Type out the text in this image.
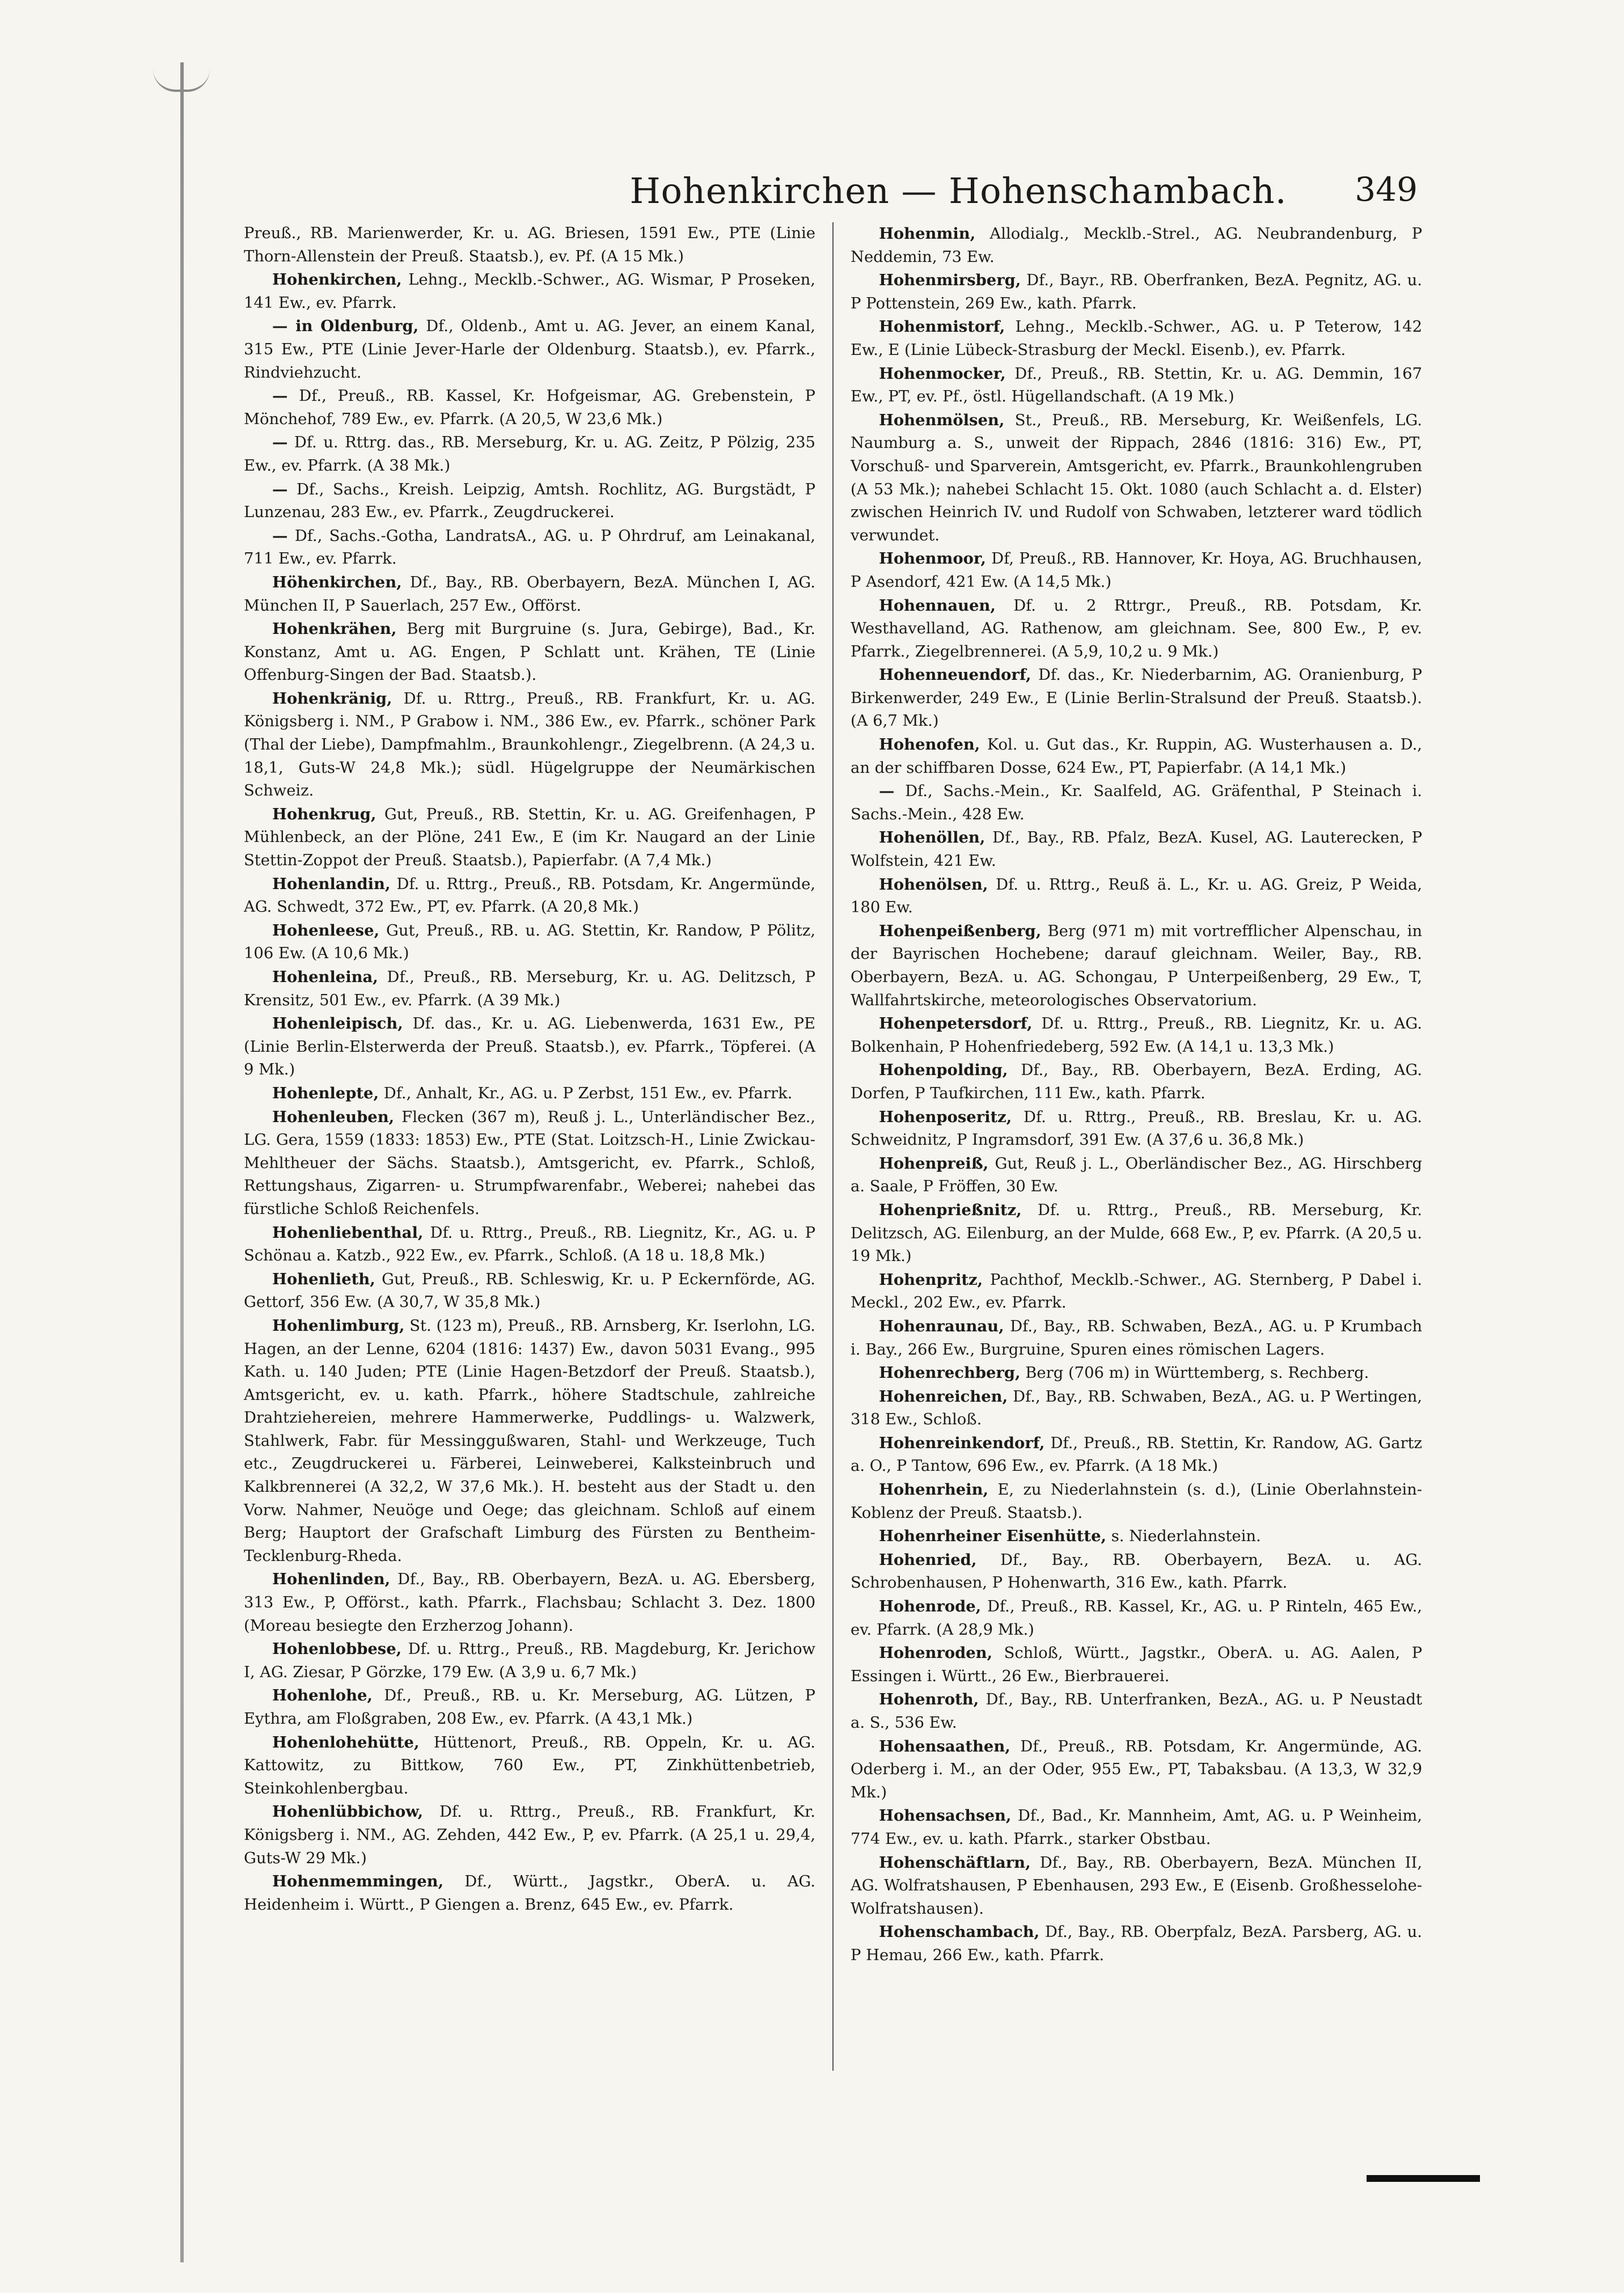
Hohenkirchen — Hohenschambach. 349

Preuß., RB. Marienwerder, Kr. u. AG. Briesen, 1591 Ew., PTE (Linie Thorn-Allenstein der Preuß. Staatsb.), ev. Pf. (A 15 Mk.)

Hohenkirchen, Lehng., Mecklb.-Schwer., AG. Wismar, P Proseken, 141 Ew., ev. Pfarrk.

— in Oldenburg, Df., Oldenb., Amt u. AG. Jever, an einem Kanal, 315 Ew., PTE (Linie Jever-Harle der Oldenburg. Staatsb.), ev. Pfarrk., Rindviehzucht.

— Df., Preuß., RB. Kassel, Kr. Hofgeismar, AG. Grebenstein, P Mönchehof, 789 Ew., ev. Pfarrk. (A 20,5, W 23,6 Mk.)

— Df. u. Rttrg. das., RB. Merseburg, Kr. u. AG. Zeitz, P Pölzig, 235 Ew., ev. Pfarrk. (A 38 Mk.)

— Df., Sachs., Kreish. Leipzig, Amtsh. Rochlitz, AG. Burgstädt, P Lunzenau, 283 Ew., ev. Pfarrk., Zeugdruckerei.

— Df., Sachs.-Gotha, LandratsA., AG. u. P Ohrdruf, am Leinakanal, 711 Ew., ev. Pfarrk.

Höhenkirchen, Df., Bay., RB. Oberbayern, BezA. München I, AG. München II, P Sauerlach, 257 Ew., Offörst.

Hohenkrähen, Berg mit Burgruine (s. Jura, Gebirge), Bad., Kr. Konstanz, Amt u. AG. Engen, P Schlatt unt. Krähen, TE (Linie Offenburg-Singen der Bad. Staatsb.).

Hohenkränig, Df. u. Rttrg., Preuß., RB. Frankfurt, Kr. u. AG. Königsberg i. NM., P Grabow i. NM., 386 Ew., ev. Pfarrk., schöner Park (Thal der Liebe), Dampfmahlm., Braunkohlengr., Ziegelbrenn. (A 24,3 u. 18,1, Guts-W 24,8 Mk.); südl. Hügelgruppe der Neumärkischen Schweiz.

Hohenkrug, Gut, Preuß., RB. Stettin, Kr. u. AG. Greifenhagen, P Mühlenbeck, an der Plöne, 241 Ew., E (im Kr. Naugard an der Linie Stettin-Zoppot der Preuß. Staatsb.), Papierfabr. (A 7,4 Mk.)

Hohenlandin, Df. u. Rttrg., Preuß., RB. Potsdam, Kr. Angermünde, AG. Schwedt, 372 Ew., PT, ev. Pfarrk. (A 20,8 Mk.)

Hohenleese, Gut, Preuß., RB. u. AG. Stettin, Kr. Randow, P Pölitz, 106 Ew. (A 10,6 Mk.)

Hohenleina, Df., Preuß., RB. Merseburg, Kr. u. AG. Delitzsch, P Krensitz, 501 Ew., ev. Pfarrk. (A 39 Mk.)

Hohenleipisch, Df. das., Kr. u. AG. Liebenwerda, 1631 Ew., PE (Linie Berlin-Elsterwerda der Preuß. Staatsb.), ev. Pfarrk., Töpferei. (A 9 Mk.)

Hohenlepte, Df., Anhalt, Kr., AG. u. P Zerbst, 151 Ew., ev. Pfarrk.

Hohenleuben, Flecken (367 m), Reuß j. L., Unterländischer Bez., LG. Gera, 1559 (1833: 1853) Ew., PTE (Stat. Loitzsch-H., Linie Zwickau-Mehltheuer der Sächs. Staatsb.), Amtsgericht, ev. Pfarrk., Schloß, Rettungshaus, Zigarren- u. Strumpfwarenfabr., Weberei; nahebei das fürstliche Schloß Reichenfels.

Hohenliebenthal, Df. u. Rttrg., Preuß., RB. Liegnitz, Kr., AG. u. P Schönau a. Katzb., 922 Ew., ev. Pfarrk., Schloß. (A 18 u. 18,8 Mk.)

Hohenlieth, Gut, Preuß., RB. Schleswig, Kr. u. P Eckernförde, AG. Gettorf, 356 Ew. (A 30,7, W 35,8 Mk.)

Hohenlimburg, St. (123 m), Preuß., RB. Arnsberg, Kr. Iserlohn, LG. Hagen, an der Lenne, 6204 (1816: 1437) Ew., davon 5031 Evang., 995 Kath. u. 140 Juden; PTE (Linie Hagen-Betzdorf der Preuß. Staatsb.), Amtsgericht, ev. u. kath. Pfarrk., höhere Stadtschule, zahlreiche Drahtziehereien, mehrere Hammerwerke, Puddlings- u. Walzwerk, Stahlwerk, Fabr. für Messinggußwaren, Stahl- und Werkzeuge, Tuch etc., Zeugdruckerei u. Färberei, Leinweberei, Kalksteinbruch und Kalkbrennerei (A 32,2, W 37,6 Mk.). H. besteht aus der Stadt u. den Vorw. Nahmer, Neuöge und Oege; das gleichnam. Schloß auf einem Berg; Hauptort der Grafschaft Limburg des Fürsten zu Bentheim-Tecklenburg-Rheda.

Hohenlinden, Df., Bay., RB. Oberbayern, BezA. u. AG. Ebersberg, 313 Ew., P, Offörst., kath. Pfarrk., Flachsbau; Schlacht 3. Dez. 1800 (Moreau besiegte den Erzherzog Johann).

Hohenlobbese, Df. u. Rttrg., Preuß., RB. Magdeburg, Kr. Jerichow I, AG. Ziesar, P Görzke, 179 Ew. (A 3,9 u. 6,7 Mk.)

Hohenlohe, Df., Preuß., RB. u. Kr. Merseburg, AG. Lützen, P Eythra, am Floßgraben, 208 Ew., ev. Pfarrk. (A 43,1 Mk.)

Hohenlohehütte, Hüttenort, Preuß., RB. Oppeln, Kr. u. AG. Kattowitz, zu Bittkow, 760 Ew., PT, Zinkhüttenbetrieb, Steinkohlenbergbau.

Hohenlübbichow, Df. u. Rttrg., Preuß., RB. Frankfurt, Kr. Königsberg i. NM., AG. Zehden, 442 Ew., P, ev. Pfarrk. (A 25,1 u. 29,4, Guts-W 29 Mk.)

Hohenmemmingen, Df., Württ., Jagstkr., OberA. u. AG. Heidenheim i. Württ., P Giengen a. Brenz, 645 Ew., ev. Pfarrk.

Hohenmin, Allodialg., Mecklb.-Strel., AG. Neubrandenburg, P Neddemin, 73 Ew.

Hohenmirsberg, Df., Bayr., RB. Oberfranken, BezA. Pegnitz, AG. u. P Pottenstein, 269 Ew., kath. Pfarrk.

Hohenmistorf, Lehng., Mecklb.-Schwer., AG. u. P Teterow, 142 Ew., E (Linie Lübeck-Strasburg der Meckl. Eisenb.), ev. Pfarrk.

Hohenmocker, Df., Preuß., RB. Stettin, Kr. u. AG. Demmin, 167 Ew., PT, ev. Pf., östl. Hügellandschaft. (A 19 Mk.)

Hohenmölsen, St., Preuß., RB. Merseburg, Kr. Weißenfels, LG. Naumburg a. S., unweit der Rippach, 2846 (1816: 316) Ew., PT, Vorschuß- und Sparverein, Amtsgericht, ev. Pfarrk., Braunkohlengruben (A 53 Mk.); nahebei Schlacht 15. Okt. 1080 (auch Schlacht a. d. Elster) zwischen Heinrich IV. und Rudolf von Schwaben, letzterer ward tödlich verwundet.

Hohenmoor, Df, Preuß., RB. Hannover, Kr. Hoya, AG. Bruchhausen, P Asendorf, 421 Ew. (A 14,5 Mk.)

Hohennauen, Df. u. 2 Rttrgr., Preuß., RB. Potsdam, Kr. Westhavelland, AG. Rathenow, am gleichnam. See, 800 Ew., P, ev. Pfarrk., Ziegelbrennerei. (A 5,9, 10,2 u. 9 Mk.)

Hohenneuendorf, Df. das., Kr. Niederbarnim, AG. Oranienburg, P Birkenwerder, 249 Ew., E (Linie Berlin-Stralsund der Preuß. Staatsb.). (A 6,7 Mk.)

Hohenofen, Kol. u. Gut das., Kr. Ruppin, AG. Wusterhausen a. D., an der schiffbaren Dosse, 624 Ew., PT, Papierfabr. (A 14,1 Mk.)

— Df., Sachs.-Mein., Kr. Saalfeld, AG. Gräfenthal, P Steinach i. Sachs.-Mein., 428 Ew.

Hohenöllen, Df., Bay., RB. Pfalz, BezA. Kusel, AG. Lauterecken, P Wolfstein, 421 Ew.

Hohenölsen, Df. u. Rttrg., Reuß ä. L., Kr. u. AG. Greiz, P Weida, 180 Ew.

Hohenpeißenberg, Berg (971 m) mit vortrefflicher Alpenschau, in der Bayrischen Hochebene; darauf gleichnam. Weiler, Bay., RB. Oberbayern, BezA. u. AG. Schongau, P Unterpeißenberg, 29 Ew., T, Wallfahrtskirche, meteorologisches Observatorium.

Hohenpetersdorf, Df. u. Rttrg., Preuß., RB. Liegnitz, Kr. u. AG. Bolkenhain, P Hohenfriedeberg, 592 Ew. (A 14,1 u. 13,3 Mk.)

Hohenpolding, Df., Bay., RB. Oberbayern, BezA. Erding, AG. Dorfen, P Taufkirchen, 111 Ew., kath. Pfarrk.

Hohenposeritz, Df. u. Rttrg., Preuß., RB. Breslau, Kr. u. AG. Schweidnitz, P Ingramsdorf, 391 Ew. (A 37,6 u. 36,8 Mk.)

Hohenpreiß, Gut, Reuß j. L., Oberländischer Bez., AG. Hirschberg a. Saale, P Fröffen, 30 Ew.

Hohenprießnitz, Df. u. Rttrg., Preuß., RB. Merseburg, Kr. Delitzsch, AG. Eilenburg, an der Mulde, 668 Ew., P, ev. Pfarrk. (A 20,5 u. 19 Mk.)

Hohenpritz, Pachthof, Mecklb.-Schwer., AG. Sternberg, P Dabel i. Meckl., 202 Ew., ev. Pfarrk.

Hohenraunau, Df., Bay., RB. Schwaben, BezA., AG. u. P Krumbach i. Bay., 266 Ew., Burgruine, Spuren eines römischen Lagers.

Hohenrechberg, Berg (706 m) in Württemberg, s. Rechberg.

Hohenreichen, Df., Bay., RB. Schwaben, BezA., AG. u. P Wertingen, 318 Ew., Schloß.

Hohenreinkendorf, Df., Preuß., RB. Stettin, Kr. Randow, AG. Gartz a. O., P Tantow, 696 Ew., ev. Pfarrk. (A 18 Mk.)

Hohenrhein, E, zu Niederlahnstein (s. d.), (Linie Oberlahnstein-Koblenz der Preuß. Staatsb.).

Hohenrheiner Eisenhütte, s. Niederlahnstein.

Hohenried, Df., Bay., RB. Oberbayern, BezA. u. AG. Schrobenhausen, P Hohenwarth, 316 Ew., kath. Pfarrk.

Hohenrode, Df., Preuß., RB. Kassel, Kr., AG. u. P Rinteln, 465 Ew., ev. Pfarrk. (A 28,9 Mk.)

Hohenroden, Schloß, Württ., Jagstkr., OberA. u. AG. Aalen, P Essingen i. Württ., 26 Ew., Bierbrauerei.

Hohenroth, Df., Bay., RB. Unterfranken, BezA., AG. u. P Neustadt a. S., 536 Ew.

Hohensaathen, Df., Preuß., RB. Potsdam, Kr. Angermünde, AG. Oderberg i. M., an der Oder, 955 Ew., PT, Tabaksbau. (A 13,3, W 32,9 Mk.)

Hohensachsen, Df., Bad., Kr. Mannheim, Amt, AG. u. P Weinheim, 774 Ew., ev. u. kath. Pfarrk., starker Obstbau.

Hohenschäftlarn, Df., Bay., RB. Oberbayern, BezA. München II, AG. Wolfratshausen, P Ebenhausen, 293 Ew., E (Eisenb. Großhesselohe-Wolfratshausen).

Hohenschambach, Df., Bay., RB. Oberpfalz, BezA. Parsberg, AG. u. P Hemau, 266 Ew., kath. Pfarrk.
